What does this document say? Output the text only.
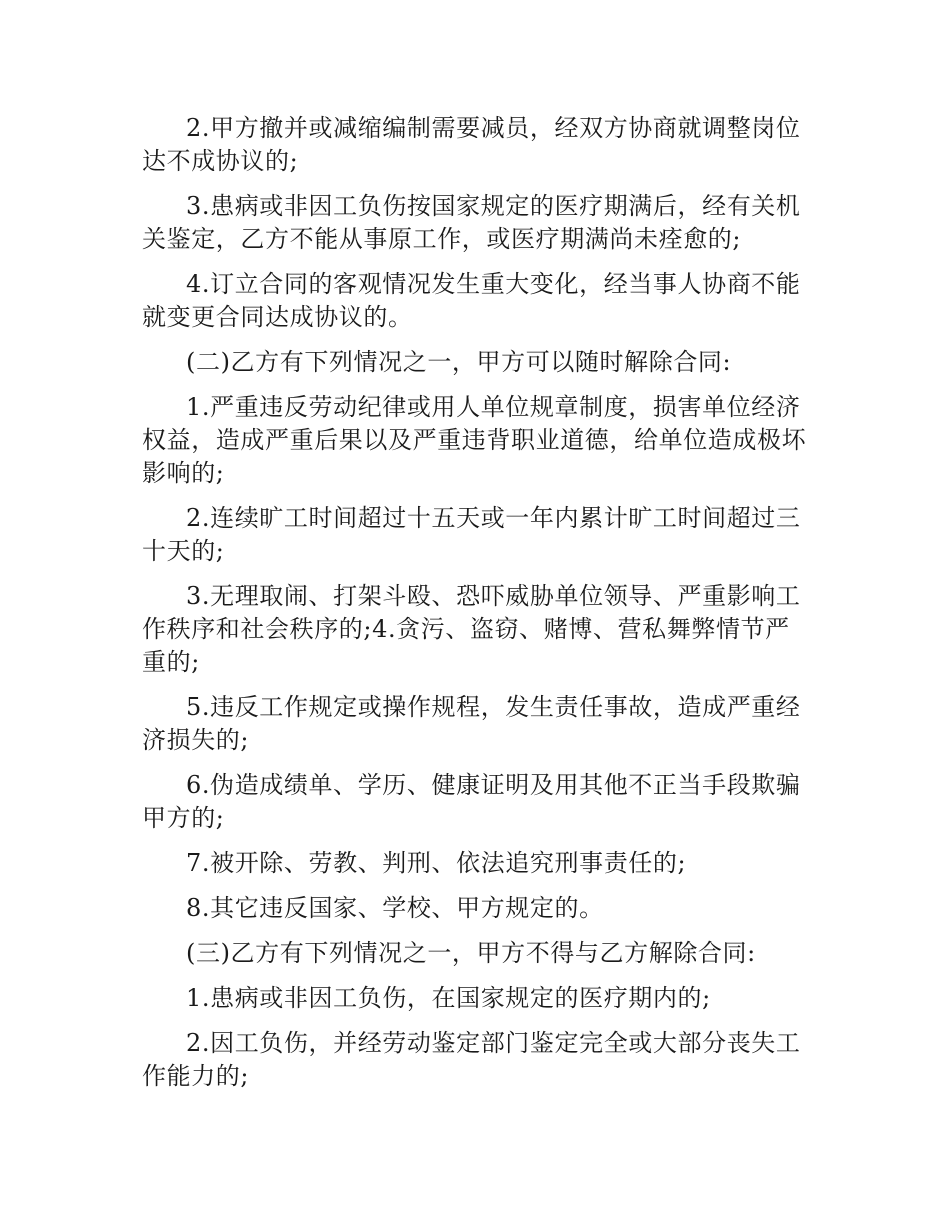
2.甲方撤并或减缩编制需要减员，经双方协商就调整岗位达不成协议的;

3.患病或非因工负伤按国家规定的医疗期满后，经有关机关鉴定，乙方不能从事原工作，或医疗期满尚未痊愈的;

4.订立合同的客观情况发生重大变化，经当事人协商不能就变更合同达成协议的。

(二)乙方有下列情况之一，甲方可以随时解除合同:

1.严重违反劳动纪律或用人单位规章制度，损害单位经济权益，造成严重后果以及严重违背职业道德，给单位造成极坏影响的;

2.连续旷工时间超过十五天或一年内累计旷工时间超过三十天的;

3.无理取闹、打架斗殴、恐吓威胁单位领导、严重影响工作秩序和社会秩序的;4.贪污、盗窃、赌博、营私舞弊情节严重的;

5.违反工作规定或操作规程，发生责任事故，造成严重经济损失的;

6.伪造成绩单、学历、健康证明及用其他不正当手段欺骗甲方的;

7.被开除、劳教、判刑、依法追究刑事责任的;

8.其它违反国家、学校、甲方规定的。

(三)乙方有下列情况之一，甲方不得与乙方解除合同:

1.患病或非因工负伤，在国家规定的医疗期内的;

2.因工负伤，并经劳动鉴定部门鉴定完全或大部分丧失工作能力的;
